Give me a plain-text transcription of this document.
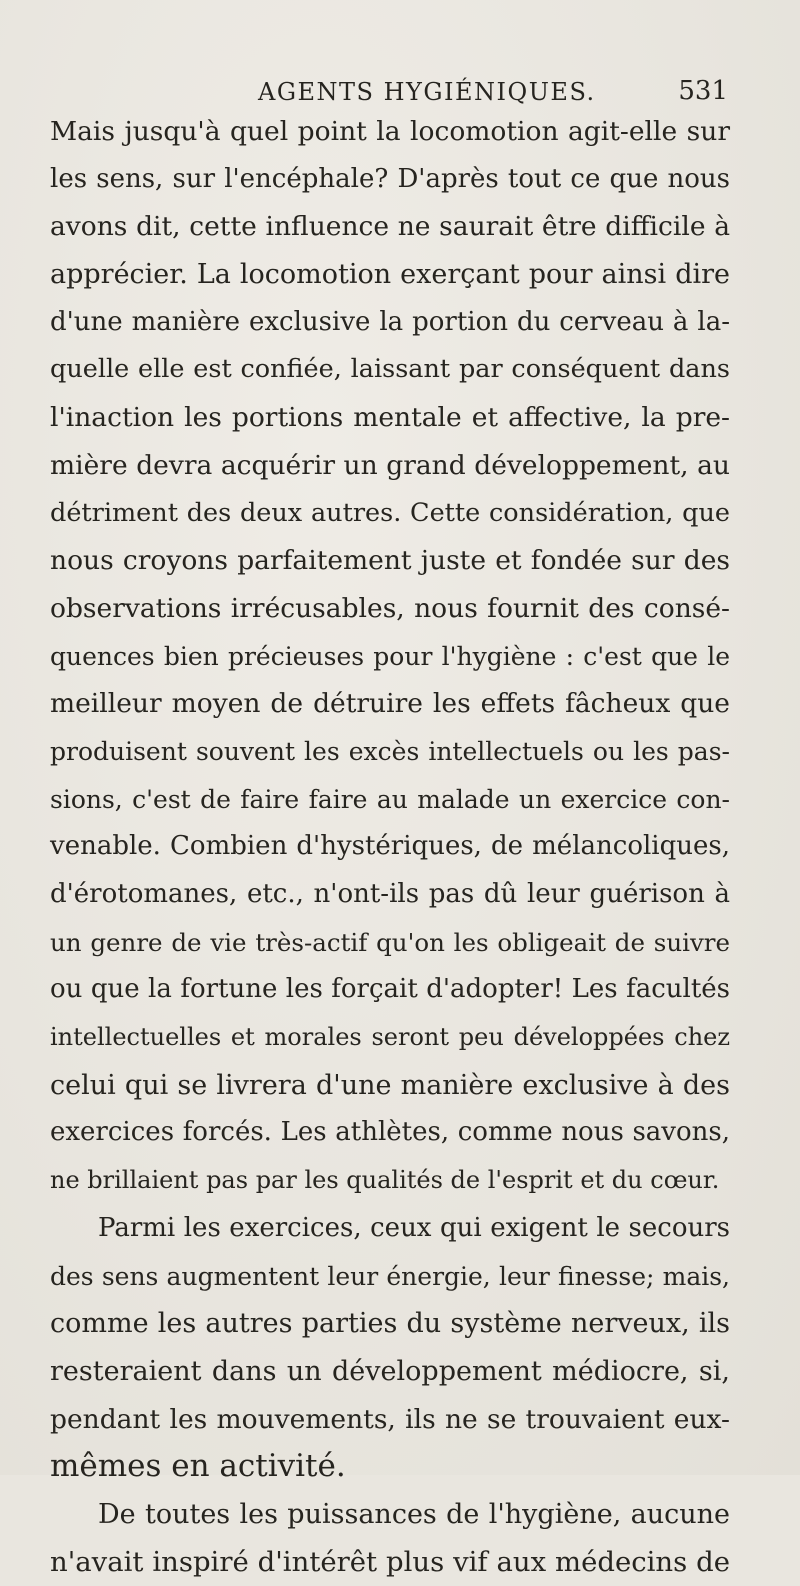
AGENTS HYGIÉNIQUES.	531
Mais jusqu'à quel point la locomotion agit-elle sur
les sens, sur l'encéphale? D'après tout ce que nous
avons dit, cette influence ne saurait être difficile à
apprécier. La locomotion exerçant pour ainsi dire
d'une manière exclusive la portion du cerveau à la-
quelle elle est confiée, laissant par conséquent dans
l'inaction les portions mentale et affective, la pre-
mière devra acquérir un grand développement, au
détriment des deux autres. Cette considération, que
nous croyons parfaitement juste et fondée sur des
observations irrécusables, nous fournit des consé-
quences bien précieuses pour l'hygiène : c'est que le
meilleur moyen de détruire les effets fâcheux que
produisent souvent les excès intellectuels ou les pas-
sions, c'est de faire faire au malade un exercice con-
venable. Combien d'hystériques, de mélancoliques,
d'érotomanes, etc., n'ont-ils pas dû leur guérison à
un genre de vie très-actif qu'on les obligeait de suivre
ou que la fortune les forçait d'adopter! Les facultés
intellectuelles et morales seront peu développées chez
celui qui se livrera d'une manière exclusive à des
exercices forcés. Les athlètes, comme nous savons,
ne brillaient pas par les qualités de l'esprit et du cœur.
Parmi les exercices, ceux qui exigent le secours
des sens augmentent leur énergie, leur finesse; mais,
comme les autres parties du système nerveux, ils
resteraient dans un développement médiocre, si,
pendant les mouvements, ils ne se trouvaient eux-
mêmes en activité.
De toutes les puissances de l'hygiène, aucune
n'avait inspiré d'intérêt plus vif aux médecins de
